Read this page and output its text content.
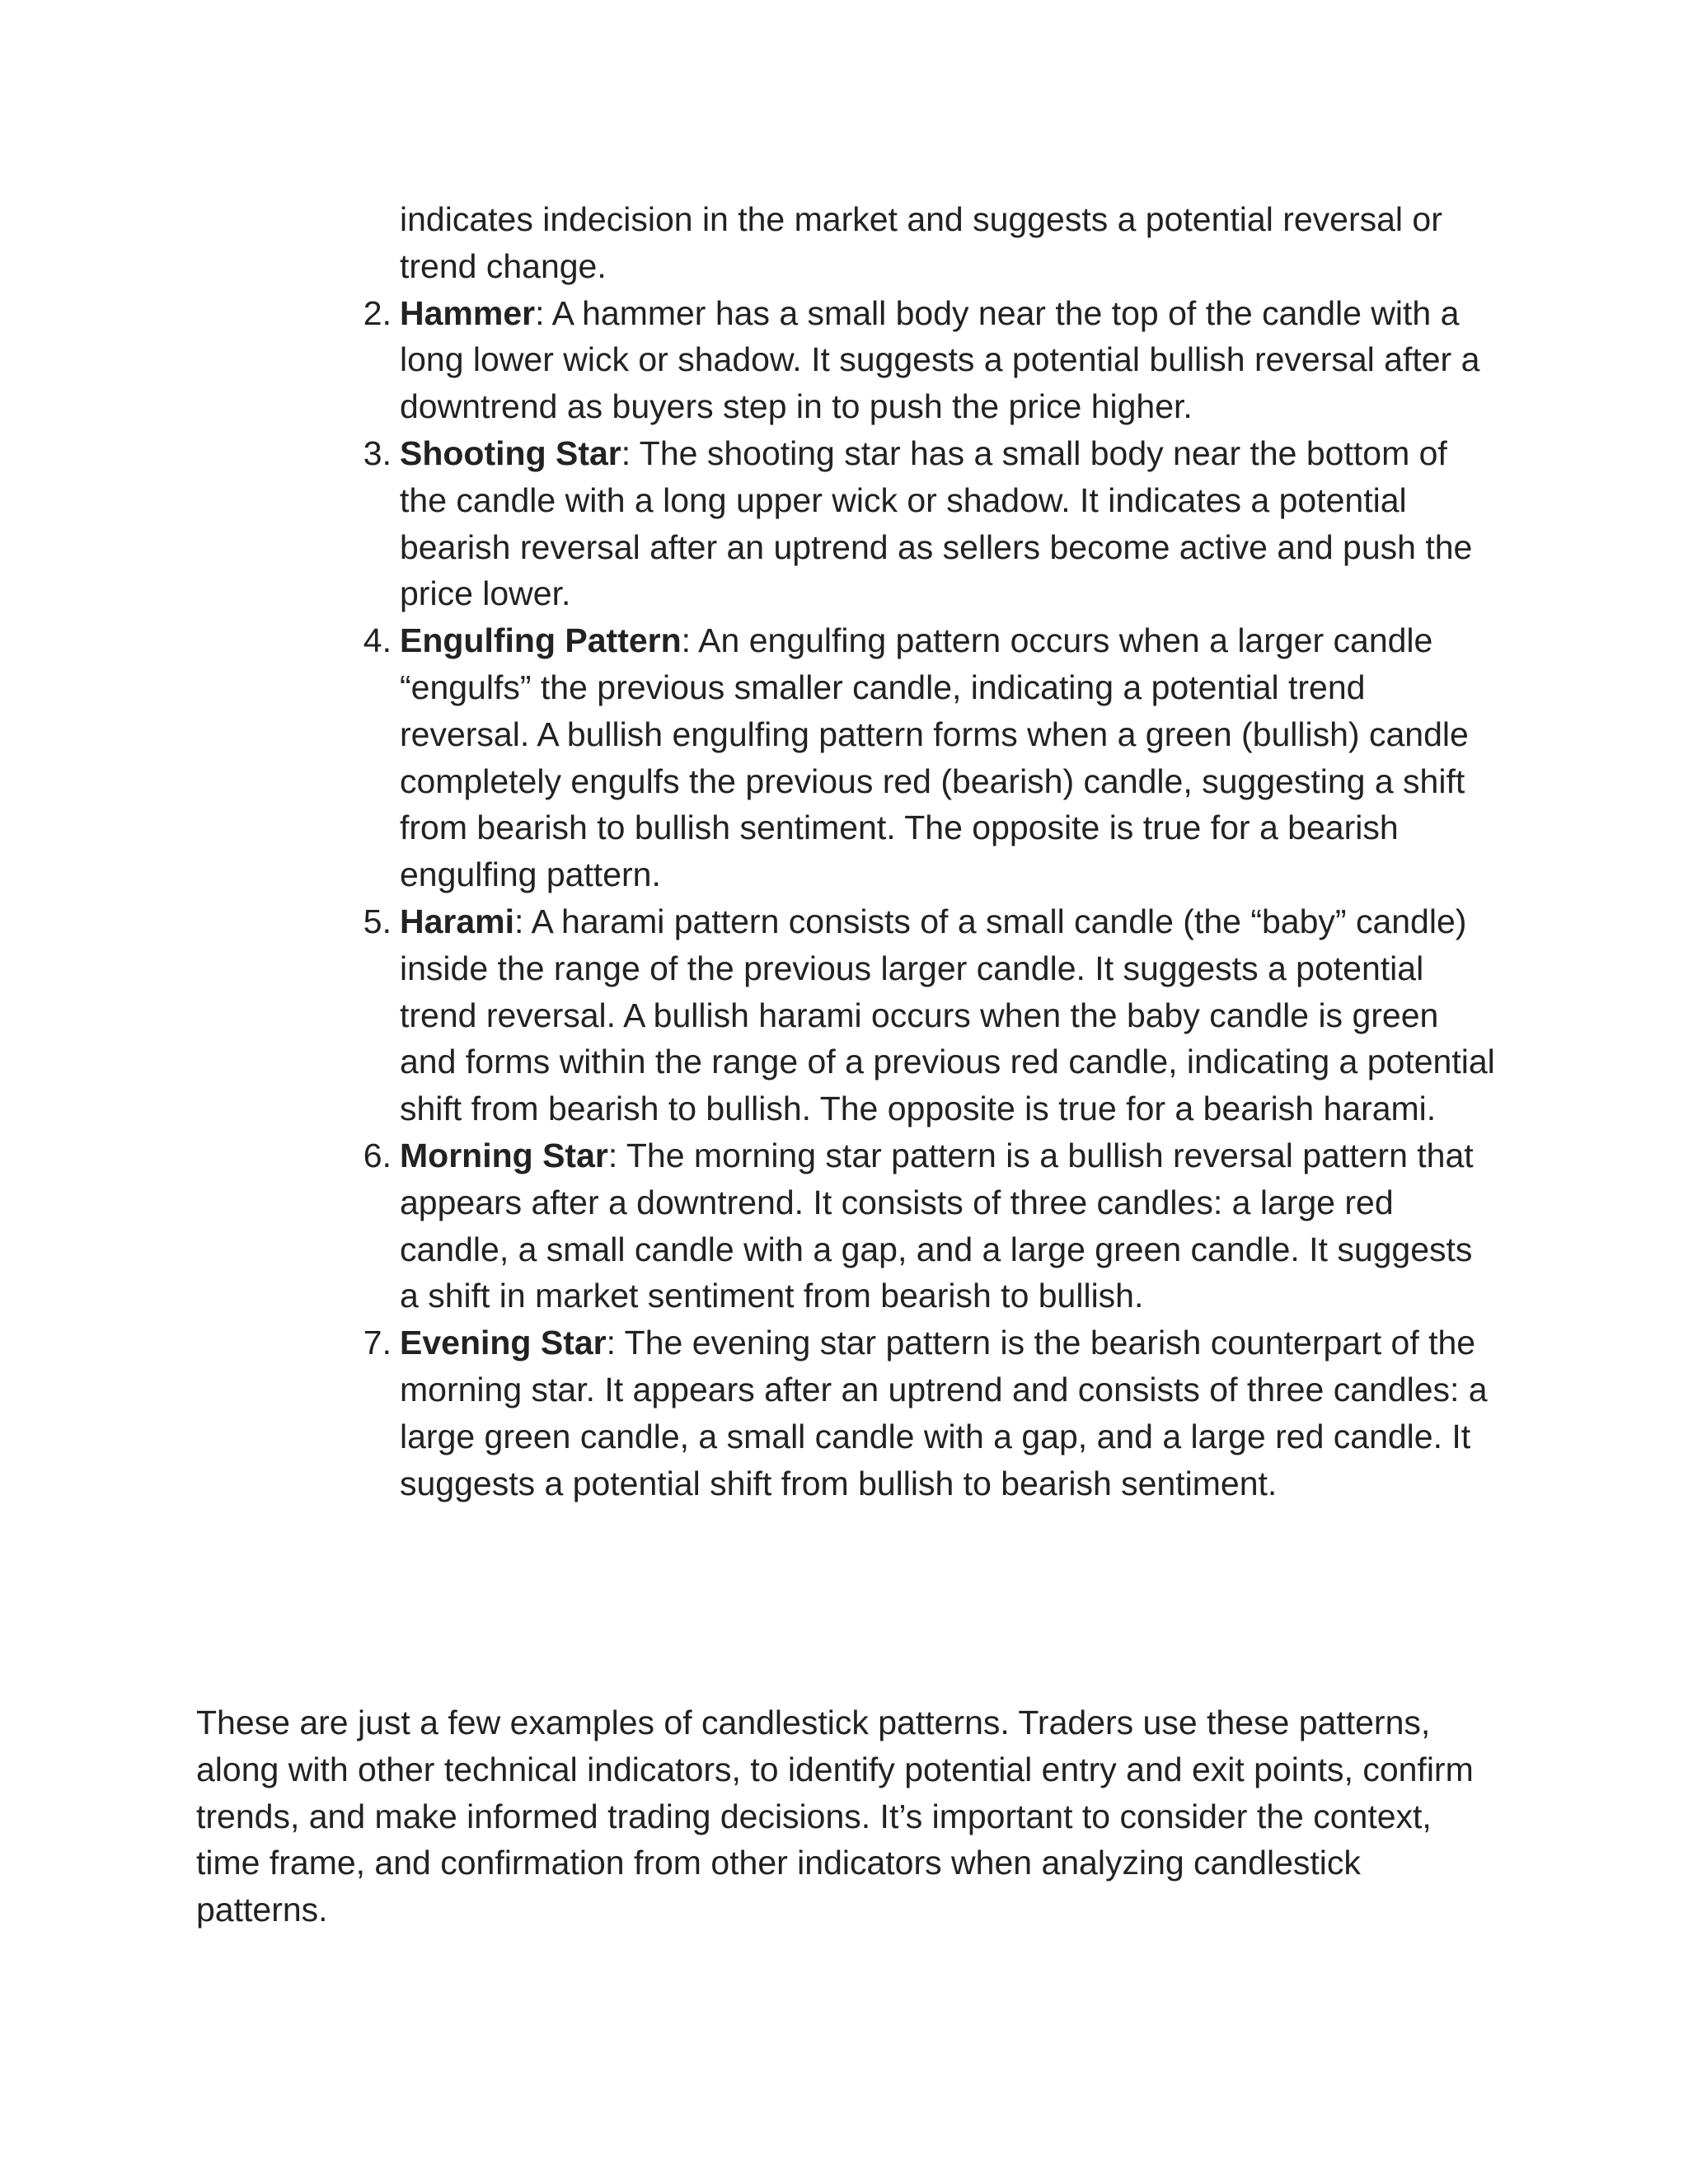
indicates indecision in the market and suggests a potential reversal or trend change.
2. Hammer: A hammer has a small body near the top of the candle with a long lower wick or shadow. It suggests a potential bullish reversal after a downtrend as buyers step in to push the price higher.
3. Shooting Star: The shooting star has a small body near the bottom of the candle with a long upper wick or shadow. It indicates a potential bearish reversal after an uptrend as sellers become active and push the price lower.
4. Engulfing Pattern: An engulfing pattern occurs when a larger candle “engulfs” the previous smaller candle, indicating a potential trend reversal. A bullish engulfing pattern forms when a green (bullish) candle completely engulfs the previous red (bearish) candle, suggesting a shift from bearish to bullish sentiment. The opposite is true for a bearish engulfing pattern.
5. Harami: A harami pattern consists of a small candle (the “baby” candle) inside the range of the previous larger candle. It suggests a potential trend reversal. A bullish harami occurs when the baby candle is green and forms within the range of a previous red candle, indicating a potential shift from bearish to bullish. The opposite is true for a bearish harami.
6. Morning Star: The morning star pattern is a bullish reversal pattern that appears after a downtrend. It consists of three candles: a large red candle, a small candle with a gap, and a large green candle. It suggests a shift in market sentiment from bearish to bullish.
7. Evening Star: The evening star pattern is the bearish counterpart of the morning star. It appears after an uptrend and consists of three candles: a large green candle, a small candle with a gap, and a large red candle. It suggests a potential shift from bullish to bearish sentiment.

These are just a few examples of candlestick patterns. Traders use these patterns, along with other technical indicators, to identify potential entry and exit points, confirm trends, and make informed trading decisions. It’s important to consider the context, time frame, and confirmation from other indicators when analyzing candlestick patterns.
